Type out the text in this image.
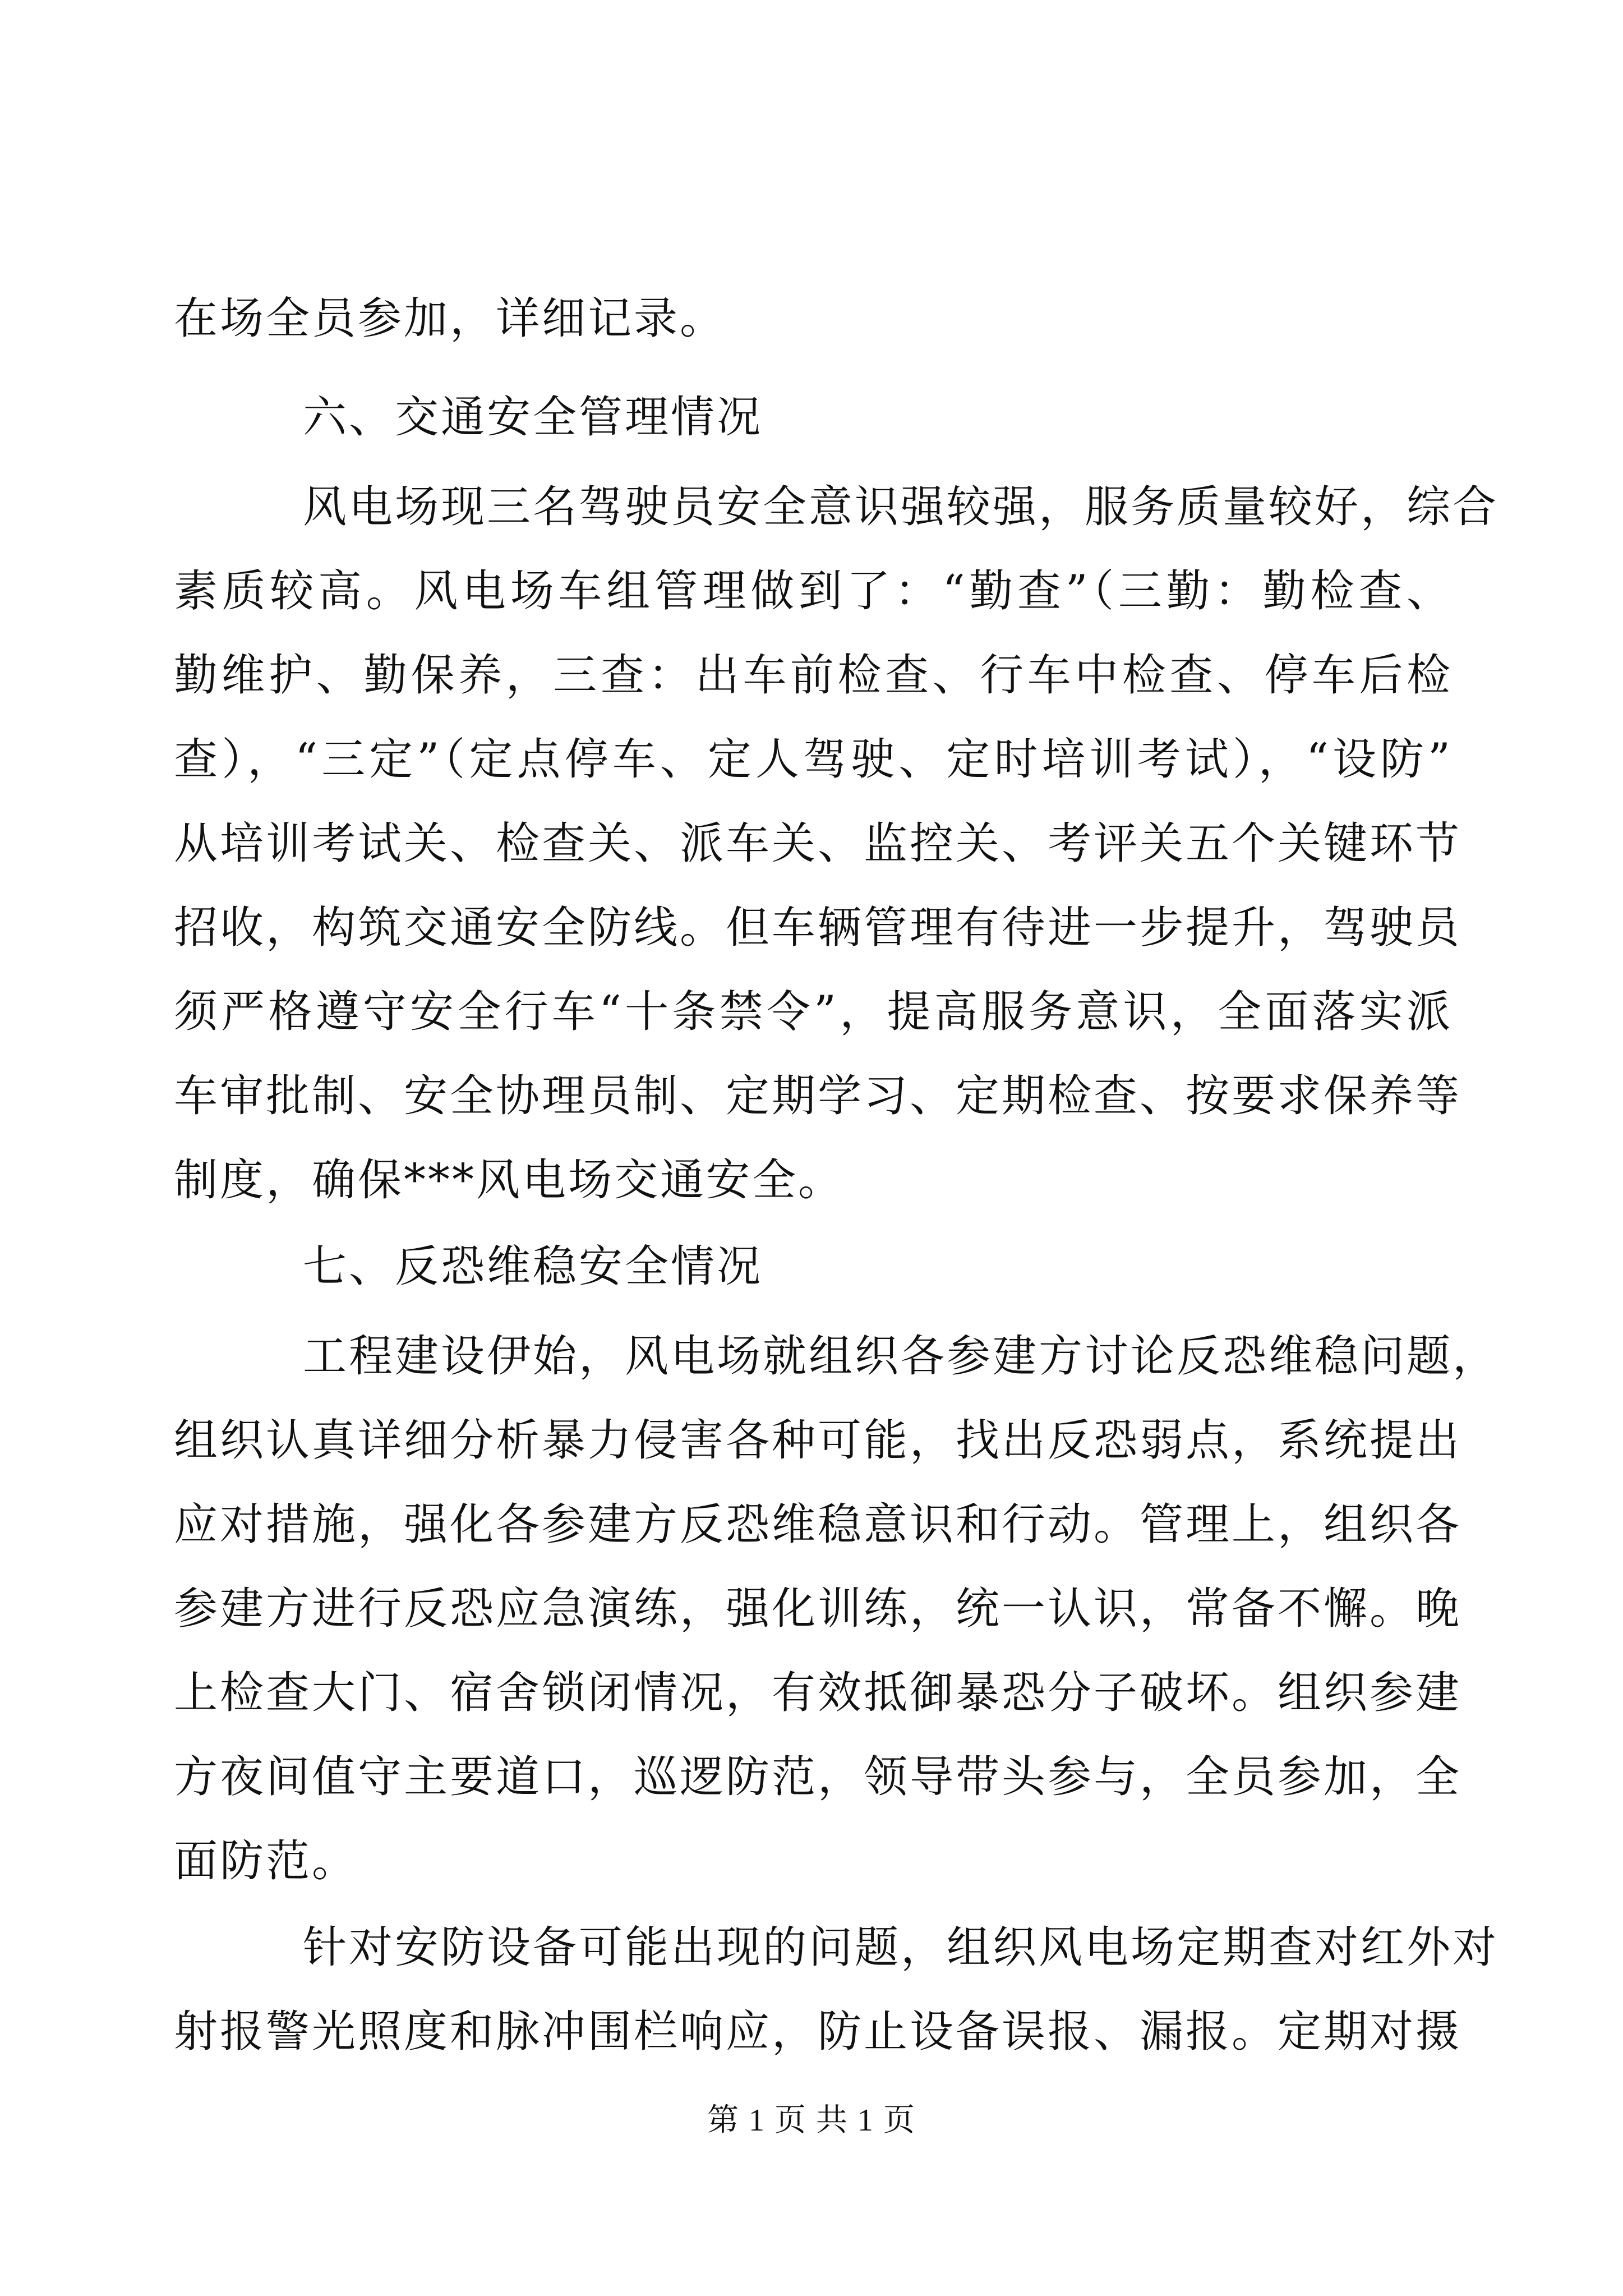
在场全员参加，详细记录。
六、交通安全管理情况
风电场现三名驾驶员安全意识强较强，服务质量较好，综合
素质较高。风电场车组管理做到了：“勤查”（三勤：勤检查、
勤维护、勤保养，三查：出车前检查、行车中检查、停车后检
查），“三定”（定点停车、定人驾驶、定时培训考试），“设防”
从培训考试关、检查关、派车关、监控关、考评关五个关键环节
招收，构筑交通安全防线。但车辆管理有待进一步提升，驾驶员
须严格遵守安全行车“十条禁令”，提高服务意识，全面落实派
车审批制、安全协理员制、定期学习、定期检查、按要求保养等
制度，确保***风电场交通安全。
七、反恐维稳安全情况
工程建设伊始，风电场就组织各参建方讨论反恐维稳问题，
组织认真详细分析暴力侵害各种可能，找出反恐弱点，系统提出
应对措施，强化各参建方反恐维稳意识和行动。管理上，组织各
参建方进行反恐应急演练，强化训练，统一认识，常备不懈。晚
上检查大门、宿舍锁闭情况，有效抵御暴恐分子破坏。组织参建
方夜间值守主要道口，巡逻防范，领导带头参与，全员参加，全
面防范。
针对安防设备可能出现的问题，组织风电场定期查对红外对
射报警光照度和脉冲围栏响应，防止设备误报、漏报。定期对摄
第 1 页 共 1 页
